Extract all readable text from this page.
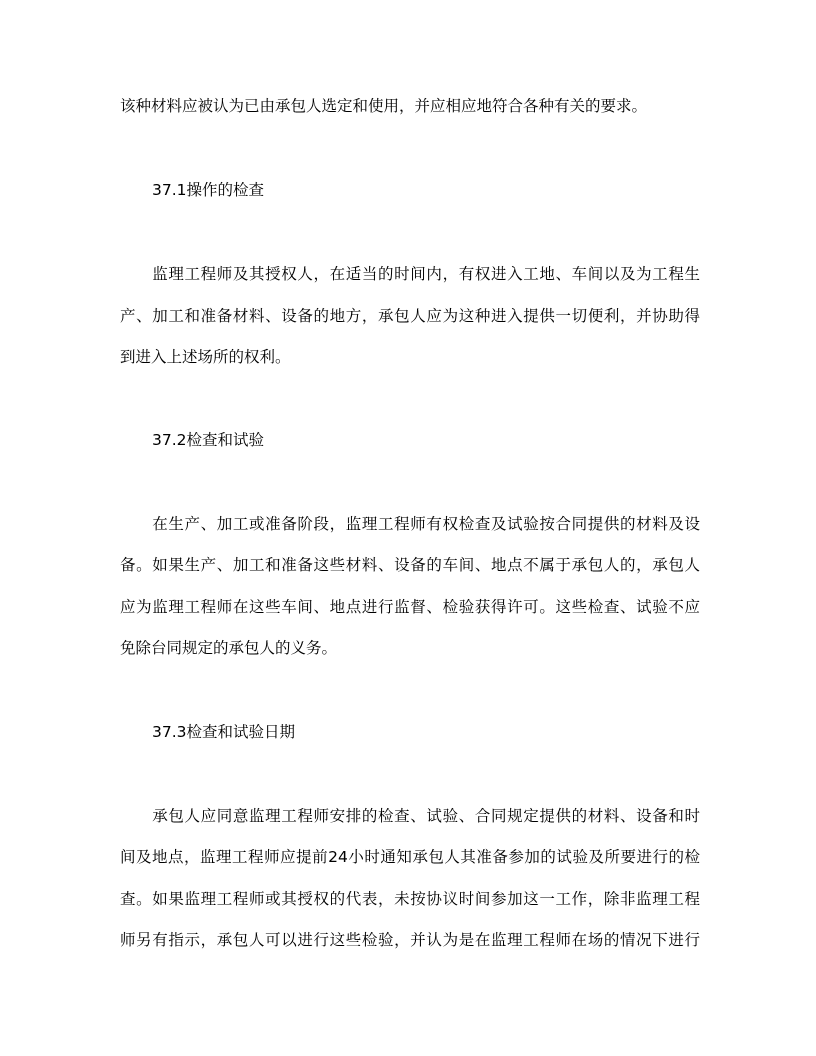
该种材料应被认为已由承包人选定和使用，并应相应地符合各种有关的要求。

37.1操作的检查

　　监理工程师及其授权人，在适当的时间内，有权进入工地、车间以及为工程生

产、加工和准备材料、设备的地方，承包人应为这种进入提供一切便利，并协助得

到进入上述场所的权利。

37.2检查和试验

　　在生产、加工或准备阶段，监理工程师有权检查及试验按合同提供的材料及设

备。如果生产、加工和准备这些材料、设备的车间、地点不属于承包人的，承包人

应为监理工程师在这些车间、地点进行监督、检验获得许可。这些检查、试验不应

免除台同规定的承包人的义务。

37.3检查和试验日期

　　承包人应同意监理工程师安排的检查、试验、合同规定提供的材料、设备和时

间及地点，监理工程师应提前24小时通知承包人其准备参加的试验及所要进行的检

查。如果监理工程师或其授权的代表，未按协议时间参加这一工作，除非监理工程

师另有指示，承包人可以进行这些检验，并认为是在监理工程师在场的情况下进行
